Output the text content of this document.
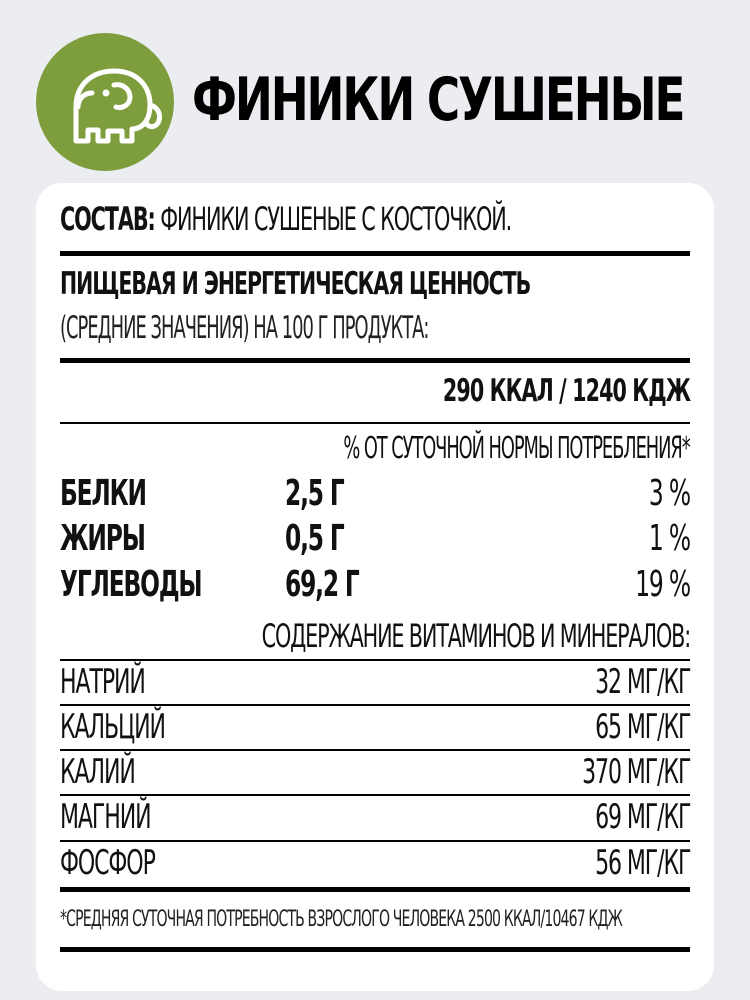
ФИНИКИ СУШЕНЫЕ
СОСТАВ: ФИНИКИ СУШЕНЫЕ С КОСТОЧКОЙ.
ПИЩЕВАЯ И ЭНЕРГЕТИЧЕСКАЯ ЦЕННОСТЬ
(СРЕДНИЕ ЗНАЧЕНИЯ) НА 100 Г ПРОДУКТА:
290 ККАЛ / 1240 КДЖ
% ОТ СУТОЧНОЙ НОРМЫ ПОТРЕБЛЕНИЯ*
БЕЛКИ	2,5 Г	3 %
ЖИРЫ	0,5 Г	1 %
УГЛЕВОДЫ 69,2 Г	19 %
СОДЕРЖАНИЕ ВИТАМИНОВ И МИНЕРАЛОВ:
НАТРИЙ	32 МГ/КГ
КАЛЬЦИЙ	65 МГ/КГ
КАЛИЙ	370 МГ/КГ
МАГНИЙ	69 МГ/КГ
ФОСФОР	56 МГ/КГ
*СРЕДНЯЯ СУТОЧНАЯ ПОТРЕБНОСТЬ ВЗРОСЛОГО ЧЕЛОВЕКА 2500 ККАЛ/10467 КДЖ
